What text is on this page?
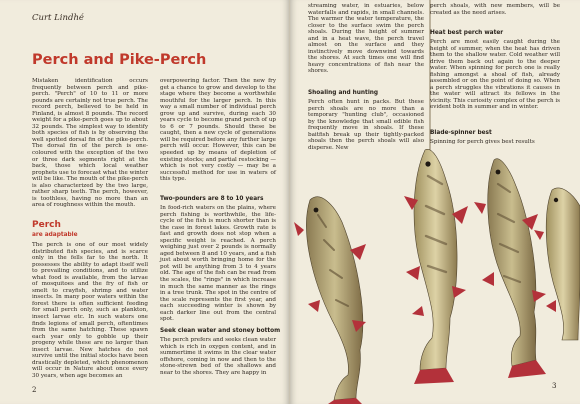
Curt Lindhé
Perch and Pike-Perch

Mistaken identification occurs frequently between perch and pike-perch. "Perch" of 10 to 11 or more pounds are certainly not true perch. The record perch, believed to be held in Finland, is almost 8 pounds. The record weight for a pike-perch goes up to about 32 pounds. The simplest way to identify both species of fish is by observing the well spotted dorsal fin of the pike-perch. The dorsal fin of the perch is one-coloured with the exception of the two or three dark segments right at the back, those which local weather prophets use to forecast what the winter will be like. The mouth of the pike-perch is also characterized by the two large, rather sharp teeth. The perch, however, is toothless, having no more than an area of roughness within the mouth.

Perch
are adaptable

The perch is one of our most widely distributed fish species, and is scarce only in the fells far to the north. It possesses the ability to adapt itself well to prevailing conditions, and to utilize what food is available, from the larvae of mosquitoes and the fry of fish or smelt to crayfish, shrimp and water insects. In many poor waters within the forest there is often sufficient feeding for small perch only, such as plankton, insect larvae etc. In such waters one finds legions of small perch, oftentimes from the same hatching. These spawn each year only to gobble up their progeny while these are no larger than insect larvae. New hatches do not survive until the initial stocks have been drastically depleted, which phenomenon will occur in Nature about once every 30 years, when age becomes an

overpowering factor. Then the new fry get a chance to grow and develop to the stage where they become a worthwhile mouthful for the larger perch. In this way a small number of individual perch grow up and survive, during each 30 years cycle to become grand perch of up to 6 or 7 pounds. Should these be caught, then a new cycle of generations will be required before any further large perch will occur. However, this can be speeded up by means of depletion of existing stocks; and partial restocking — which is not very costly — may be a successful method for use in waters of this type.

Two-pounders are 8 to 10 years

In food-rich waters on the plains, where perch fishing is worthwhile, the life-cycle of the fish is much shorter than is the case in forest lakes. Growth rate is fast and growth does not stop when a specific weight is reached. A perch weighing just over 2 pounds is normally aged between 8 and 10 years, and a fish just about worth bringing home for the pot will be anything from 3 to 4 years old. The age of the fish can be read from the scales, the "rings" in which increase in much the same manner as the rings in a tree trunk. The spot in the centre of the scale represents the first year, and each succeeding winter is shown by each darker line out from the central spot.

Seek clean water and stoney bottom

The perch prefers and seeks clean water which is rich in oxygen content, and in summertime it swims in the clear water offshore, coming in now and then to the stone-strewn bed of the shallows and near to the shores. They are happy in

2

streaming water, in estuaries, below waterfalls and rapids, in small channels. The warmer the water temperature, the closer to the surface swim the perch shoals. During the height of summer and in a heat wave, the perch travel almost on the surface and they instinctively move downwind towards the shores. At such times one will find heavy concentrations of fish near the shores.

Shoaling and hunting

Perch often hunt in packs. But these perch shoals are no more than a temporary "hunting club", occasioned by the knowledge that small edible fish frequently move in shoals. If these baitfish break up their tightly-packed shoals then the perch shoals will also disperse. New

perch shoals, with new members, will be created as the need arises.

Heat best perch water

Perch are most easily caught during the height of summer, when the heat has driven them to the shallow water. Cold weather will drive them back out again to the deeper water. When spinning for perch one is really fishing amongst a shoal of fish, already assembled or on the point of doing so. When a perch struggles the vibrations it causes in the water will attract its fellows in the vicinity. This curiosity complex of the perch is evident both in summer and in winter.

Blade-spinner best

Spinning for perch gives best results

3
